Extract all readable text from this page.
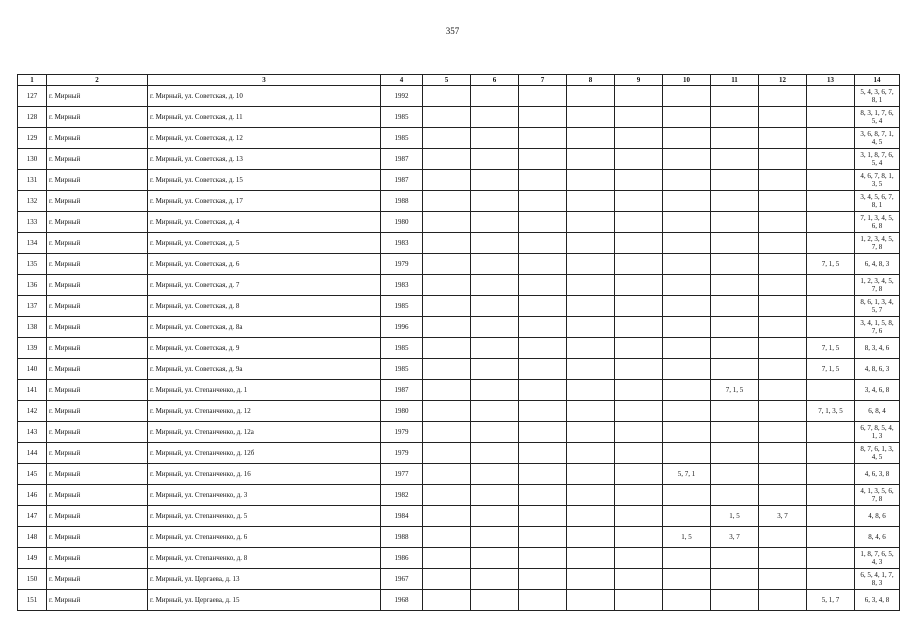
357
1	2	3	4	5	6	7	8	9	10	11	12	13	14
127	г. Мирный	г. Мирный, ул. Советская, д. 10	1992										5, 4, 3, 6, 7, 8, 1
128	г. Мирный	г. Мирный, ул. Советская, д. 11	1985										8, 3, 1, 7, 6, 5, 4
129	г. Мирный	г. Мирный, ул. Советская, д. 12	1985										3, 6, 8, 7, 1, 4, 5
130	г. Мирный	г. Мирный, ул. Советская, д. 13	1987										3, 1, 8, 7, 6, 5, 4
131	г. Мирный	г. Мирный, ул. Советская, д. 15	1987										4, 6, 7, 8, 1, 3, 5
132	г. Мирный	г. Мирный, ул. Советская, д. 17	1988										3, 4, 5, 6, 7, 8, 1
133	г. Мирный	г. Мирный, ул. Советская, д. 4	1980										7, 1, 3, 4, 5, 6, 8
134	г. Мирный	г. Мирный, ул. Советская, д. 5	1983										1, 2, 3, 4, 5, 7, 8
135	г. Мирный	г. Мирный, ул. Советская, д. 6	1979									7, 1, 5	6, 4, 8, 3
136	г. Мирный	г. Мирный, ул. Советская, д. 7	1983										1, 2, 3, 4, 5, 7, 8
137	г. Мирный	г. Мирный, ул. Советская, д. 8	1985										8, 6, 1, 3, 4, 5, 7
138	г. Мирный	г. Мирный, ул. Советская, д. 8а	1996										3, 4, 1, 5, 8, 7, 6
139	г. Мирный	г. Мирный, ул. Советская, д. 9	1985									7, 1, 5	8, 3, 4, 6
140	г. Мирный	г. Мирный, ул. Советская, д. 9а	1985									7, 1, 5	4, 8, 6, 3
141	г. Мирный	г. Мирный, ул. Степанченко, д. 1	1987							7, 1, 5			3, 4, 6, 8
142	г. Мирный	г. Мирный, ул. Степанченко, д. 12	1980									7, 1, 3, 5	6, 8, 4
143	г. Мирный	г. Мирный, ул. Степанченко, д. 12а	1979										6, 7, 8, 5, 4, 1, 3
144	г. Мирный	г. Мирный, ул. Степанченко, д. 12б	1979										8, 7, 6, 1, 3, 4, 5
145	г. Мирный	г. Мирный, ул. Степанченко, д. 16	1977						5, 7, 1				4, 6, 3, 8
146	г. Мирный	г. Мирный, ул. Степанченко, д. 3	1982										4, 1, 3, 5, 6, 7, 8
147	г. Мирный	г. Мирный, ул. Степанченко, д. 5	1984							1, 5	3, 7		4, 8, 6
148	г. Мирный	г. Мирный, ул. Степанченко, д. 6	1988						1, 5	3, 7			8, 4, 6
149	г. Мирный	г. Мирный, ул. Степанченко, д. 8	1986										1, 8, 7, 6, 5, 4, 3
150	г. Мирный	г. Мирный, ул. Цергаева, д. 13	1967										6, 5, 4, 1, 7, 8, 3
151	г. Мирный	г. Мирный, ул. Цергаева, д. 15	1968									5, 1, 7	6, 3, 4, 8
